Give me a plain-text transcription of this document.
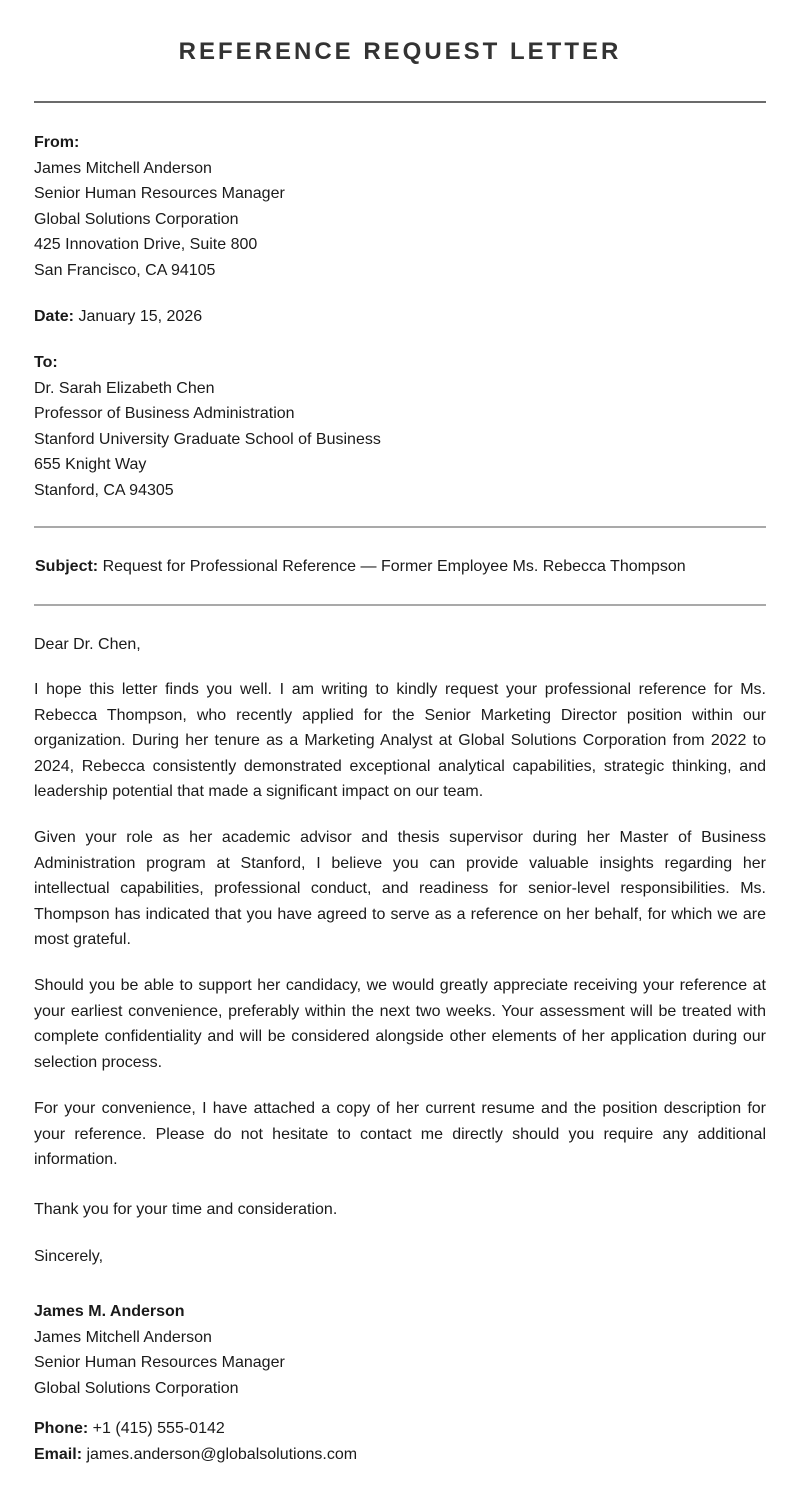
REFERENCE REQUEST LETTER
From:
James Mitchell Anderson
Senior Human Resources Manager
Global Solutions Corporation
425 Innovation Drive, Suite 800
San Francisco, CA 94105
Date: January 15, 2026
To:
Dr. Sarah Elizabeth Chen
Professor of Business Administration
Stanford University Graduate School of Business
655 Knight Way
Stanford, CA 94305
Subject: Request for Professional Reference — Former Employee Ms. Rebecca Thompson
Dear Dr. Chen,

I hope this letter finds you well. I am writing to kindly request your professional reference for Ms. Rebecca Thompson, who recently applied for the Senior Marketing Director position within our organization. During her tenure as a Marketing Analyst at Global Solutions Corporation from 2022 to 2024, Rebecca consistently demonstrated exceptional analytical capabilities, strategic thinking, and leadership potential that made a significant impact on our team.

Given your role as her academic advisor and thesis supervisor during her Master of Business Administration program at Stanford, I believe you can provide valuable insights regarding her intellectual capabilities, professional conduct, and readiness for senior-level responsibilities. Ms. Thompson has indicated that you have agreed to serve as a reference on her behalf, for which we are most grateful.

Should you be able to support her candidacy, we would greatly appreciate receiving your reference at your earliest convenience, preferably within the next two weeks. Your assessment will be treated with complete confidentiality and will be considered alongside other elements of her application during our selection process.

For your convenience, I have attached a copy of her current resume and the position description for your reference. Please do not hesitate to contact me directly should you require any additional information.

Thank you for your time and consideration.
Sincerely,
James M. Anderson
James Mitchell Anderson
Senior Human Resources Manager
Global Solutions Corporation
Phone: +1 (415) 555-0142
Email: james.anderson@globalsolutions.com
